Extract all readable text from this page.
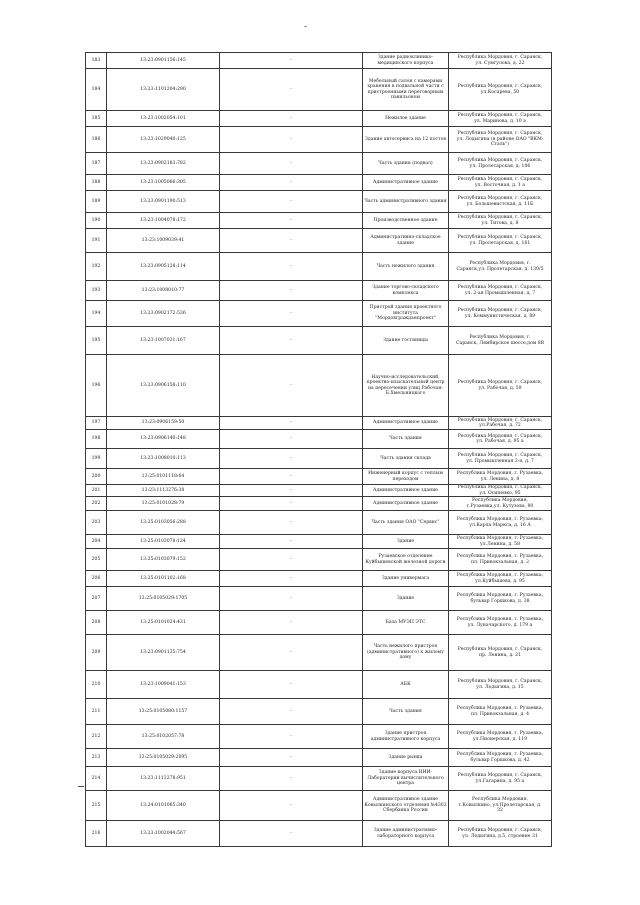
-
183	13:23:0901156:145	-	Здание радиоклинико-
медицинского корпуса	Республика Мордовия, г. Саранск,
ул. Сумгулова, д. 22
184	13:23:1101204:290	-	Мебельный салон с камерами хранения в подвальной части с пристроенными переговорным павильоном	Республика Мордовия, г. Саранск,
ул.Косарева, 50
185	13:23:1002054:101	-	Нежилое здание	Республика Мордовия, г. Саранск,
ул. Маринова, д. 10 а
186	13:23:1029040:125	-	Здание автосервиса на 12 постов	Республика Мордовия, г. Саранск,
ул. Лодыгина (в районе ОАО "ВКМ-Сталь")
187	13:23:0902183:782	-	Часть здания (подвал)	Республика Мордовия, г. Саранск,
ул. Пролетарская, д. 106
188	13:23:1005066:305	-	Административное здание	Республика Мордовия, г. Саранск,
ул. Восточная, д. 1 а
189	13:23:0901190:513	-	Часть административного здания	Республика Мордовия, г. Саранск,
ул. Большевистская, д. 11Б
190	13:23:1004078:172	-	Производственное здание	Республика Мордовия, г. Саранск,
ул. Титова, д. 8
191	13:23:1009039:41	-	Административно-складское здание	Республика Мордовия, г. Саранск,
ул. Пролетарская, д. 161
192	13:23:0905128:114	-	Часть нежилого здания	Республика Мордовия, г.
Саранск,ул. Пролетарская, д. 130/5
193	13:23:1008010:77	-	Здание торгово-складского комплекса	Республика Мордовия, г. Саранск,
ул. 2-ая Промышленная, д. 7
194	13:23:0902172:536	-	Пристрой здания проектного института "Мордовгражданпроект"	Республика Мордовия, г. Саранск,
ул. Коммунистическая, д. 89
195	13:23:1007031:167	-	Здание гостиницы	Республика Мордовия, г.
Саранск, Лямбирское шоссе,дом 8В
196	13:23:0906158:110	-	Научно-исследовательский, проектно-изыскательный центр на пересечении улиц Рабочая-Б.Хмельницкого	Республика Мордовия, г. Саранск,
ул. Рабочая, д. 59
197	13:23:0906159:50	-	Административное здание	Республика Мордовия, г. Саранск,
ул.Рабочая, д. 72
198	13:23:0906140:148	-	Часть здания	Республика Мордовия, г. Саранск,
ул. Рабочая, д. 95 а
199	13:23:1008010:113	-	Часть здания склада	Республика Мордовия, г. Саранск,
ул. Промышленная 2-я, д. 7
200	13:25:0101118:64	-	Инженерный корпус с теплым переходом	Республика Мордовия, г. Рузаевка,
ул. Ленина, д. 8
201	13:23:1113276:38	-	Административное здание	Республика Мордовия, г. Саранск,
ул. Осипенко, 95
202	13:25:0101028:79	-	Административное здание	Республика Мордовия,
г.Рузаевка,ул. Кутузова, 80
203	13:25:0103056:288	-	Часть здания ОАО "Сервис"	Республика Мордовия, г. Рузаевка,
ул.Карла Маркса, д. 16 А
204	13:25:0103078:124	-	Здание	Республика Мордовия, г. Рузаевка,
ул.Ленина, д. 58
205	13:25:0103079:152	-	Рузаевское отделение Куйбышевской железной дороги	Республика Мордовия, г. Рузаевка,
пл. Привокзальная, д. 2
206	13:25:0101102:168	-	Здание универмага	Республика Мордовия, г. Рузаевка,
ул.Куйбышева, д. 95
207	13:25:0105029:1705	-	Здание	Республика Мордовия, г. Рузаевка,
бульвар Горшкова, д. 38
208	13:25:0101024:431	-	База МУЭП ЭТС	Республика Мордовия, г. Рузаевка,
ул. Луначарского, д. 179 а
209	13:23:0901135:754	-	Часть нежилого пристроя (административного) к жилому дому	Республика Мордовия, г. Саранск,
пр. Ленина, д. 21
210	13:23:1009041:153	-	АБК	Республика Мордовия, г. Саранск,
ул. Лодыгина, д. 15
211	13:25:0105080:1157	-	Часть здания	Республика Мордовия, г. Рузаевка,
пл. Привокзальная, д. 4
212	13:25:0102057:78	-	Здание пристроя административного корпуса	Республика Мордовия, г. Рузаевка,
ул.Пионерская, д. 119
213	13:25:0105029:2095	-	Здание рынка	Республика Мордовия, г. Рузаевка,
бульвар Горшкова, д. 42
214	13:23:1113278:951	-	Здание корпуса НИИ-Лаборатории вычислительного центра	Республика Мордовия, г. Саранск,
ул.Гагарина, д. 95 а
215	13:24:0101065:340	-	Административное здание Ковылкинского отделения №4303 Сбербанка России	Республика Мордовия,
г.Ковылкино, ул.Пролетарская, д.
32
216	13:23:1002044:567	-	Здание административно-лабораторного корпуса	Республика Мордовия, г. Саранск,
ул. Лодыгина, д.5, строение 31
